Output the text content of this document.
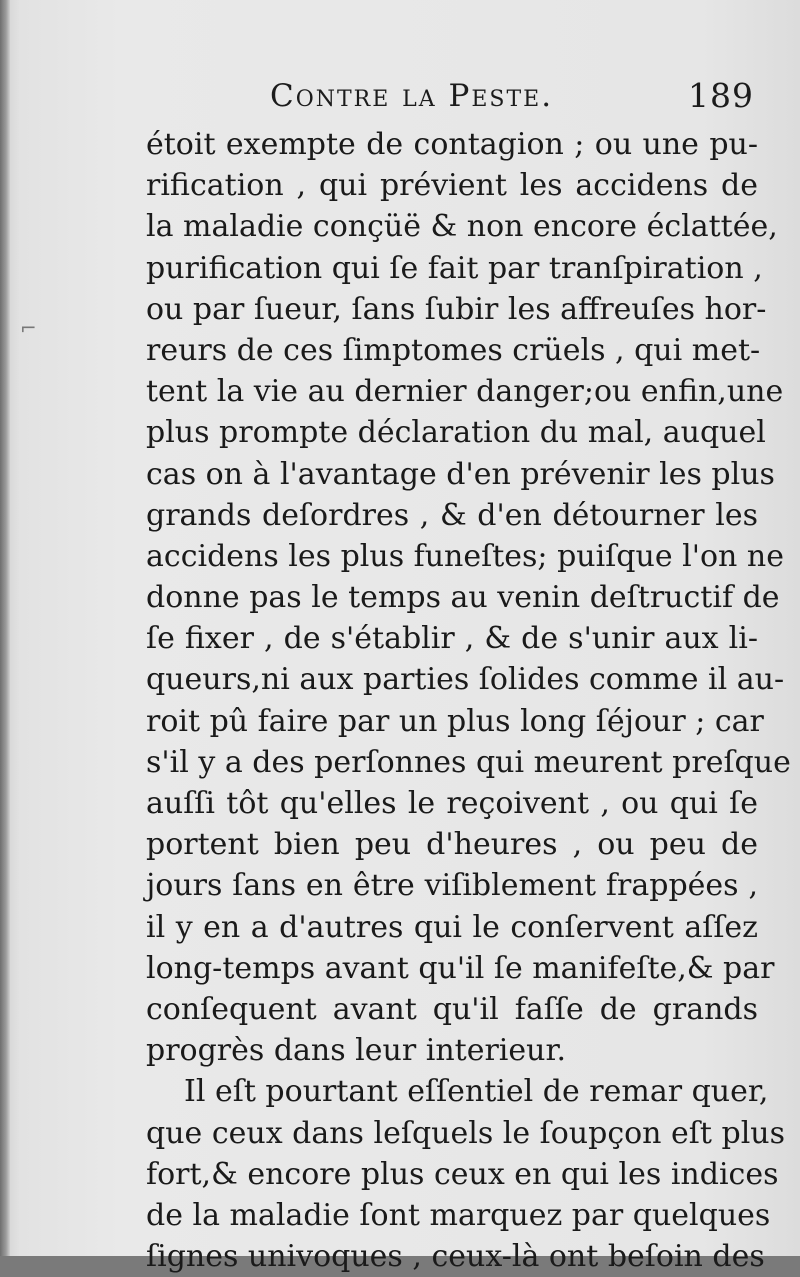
Contre la Peste.	189
⌐
étoit exempte de contagion ; ou une pu-
rification , qui prévient les accidens de
la maladie conçüë & non encore éclattée,
purification qui ſe fait par tranſpiration ,
ou par ſueur, ſans ſubir les affreuſes hor-
reurs de ces ſimptomes crüels , qui met-
tent la vie au dernier danger;ou enfin,une
plus prompte déclaration du mal, auquel
cas on à l'avantage d'en prévenir les plus
grands deſordres , & d'en détourner les
accidens les plus funeſtes; puiſque l'on ne
donne pas le temps au venin deſtructif de
ſe fixer , de s'établir , & de s'unir aux li-
queurs,ni aux parties ſolides comme il au-
roit pû faire par un plus long ſéjour ; car
s'il y a des perſonnes qui meurent preſque
auſſi tôt qu'elles le reçoivent , ou qui ſe
portent bien peu d'heures , ou peu de
jours ſans en être viſiblement frappées ,
il y en a d'autres qui le conſervent aſſez
long-temps avant qu'il ſe manifeſte,& par
conſequent avant qu'il faſſe de grands
progrès dans leur interieur.
Il eſt pourtant eſſentiel de remar quer,
que ceux dans leſquels le ſoupçon eſt plus
fort,& encore plus ceux en qui les indices
de la maladie ſont marquez par quelques
ſignes univoques , ceux-là ont beſoin des
